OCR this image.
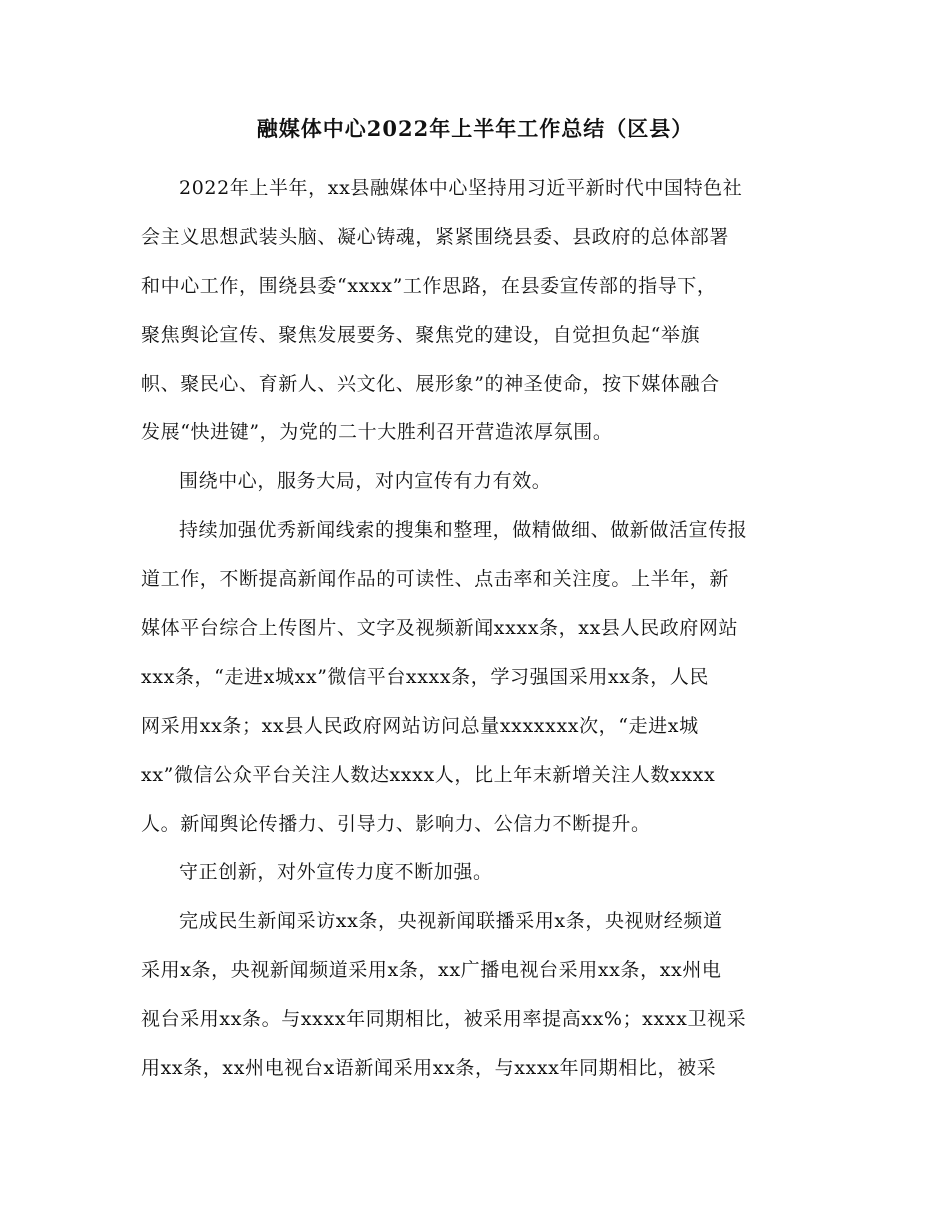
融媒体中心2022年上半年工作总结（区县）
2022年上半年，xx县融媒体中心坚持用习近平新时代中国特色社
会主义思想武装头脑、凝心铸魂，紧紧围绕县委、县政府的总体部署
和中心工作，围绕县委“xxxx”工作思路，在县委宣传部的指导下，
聚焦舆论宣传、聚焦发展要务、聚焦党的建设，自觉担负起“举旗
帜、聚民心、育新人、兴文化、展形象”的神圣使命，按下媒体融合
发展“快进键”，为党的二十大胜利召开营造浓厚氛围。
围绕中心，服务大局，对内宣传有力有效。
持续加强优秀新闻线索的搜集和整理，做精做细、做新做活宣传报
道工作，不断提高新闻作品的可读性、点击率和关注度。上半年，新
媒体平台综合上传图片、文字及视频新闻xxxx条，xx县人民政府网站
xxx条，“走进x城xx”微信平台xxxx条，学习强国采用xx条，人民
网采用xx条；xx县人民政府网站访问总量xxxxxxx次，“走进x城
xx”微信公众平台关注人数达xxxx人，比上年末新增关注人数xxxx
人。新闻舆论传播力、引导力、影响力、公信力不断提升。
守正创新，对外宣传力度不断加强。
完成民生新闻采访xx条，央视新闻联播采用x条，央视财经频道
采用x条，央视新闻频道采用x条，xx广播电视台采用xx条，xx州电
视台采用xx条。与xxxx年同期相比，被采用率提高xx%；xxxx卫视采
用xx条，xx州电视台x语新闻采用xx条，与xxxx年同期相比，被采
